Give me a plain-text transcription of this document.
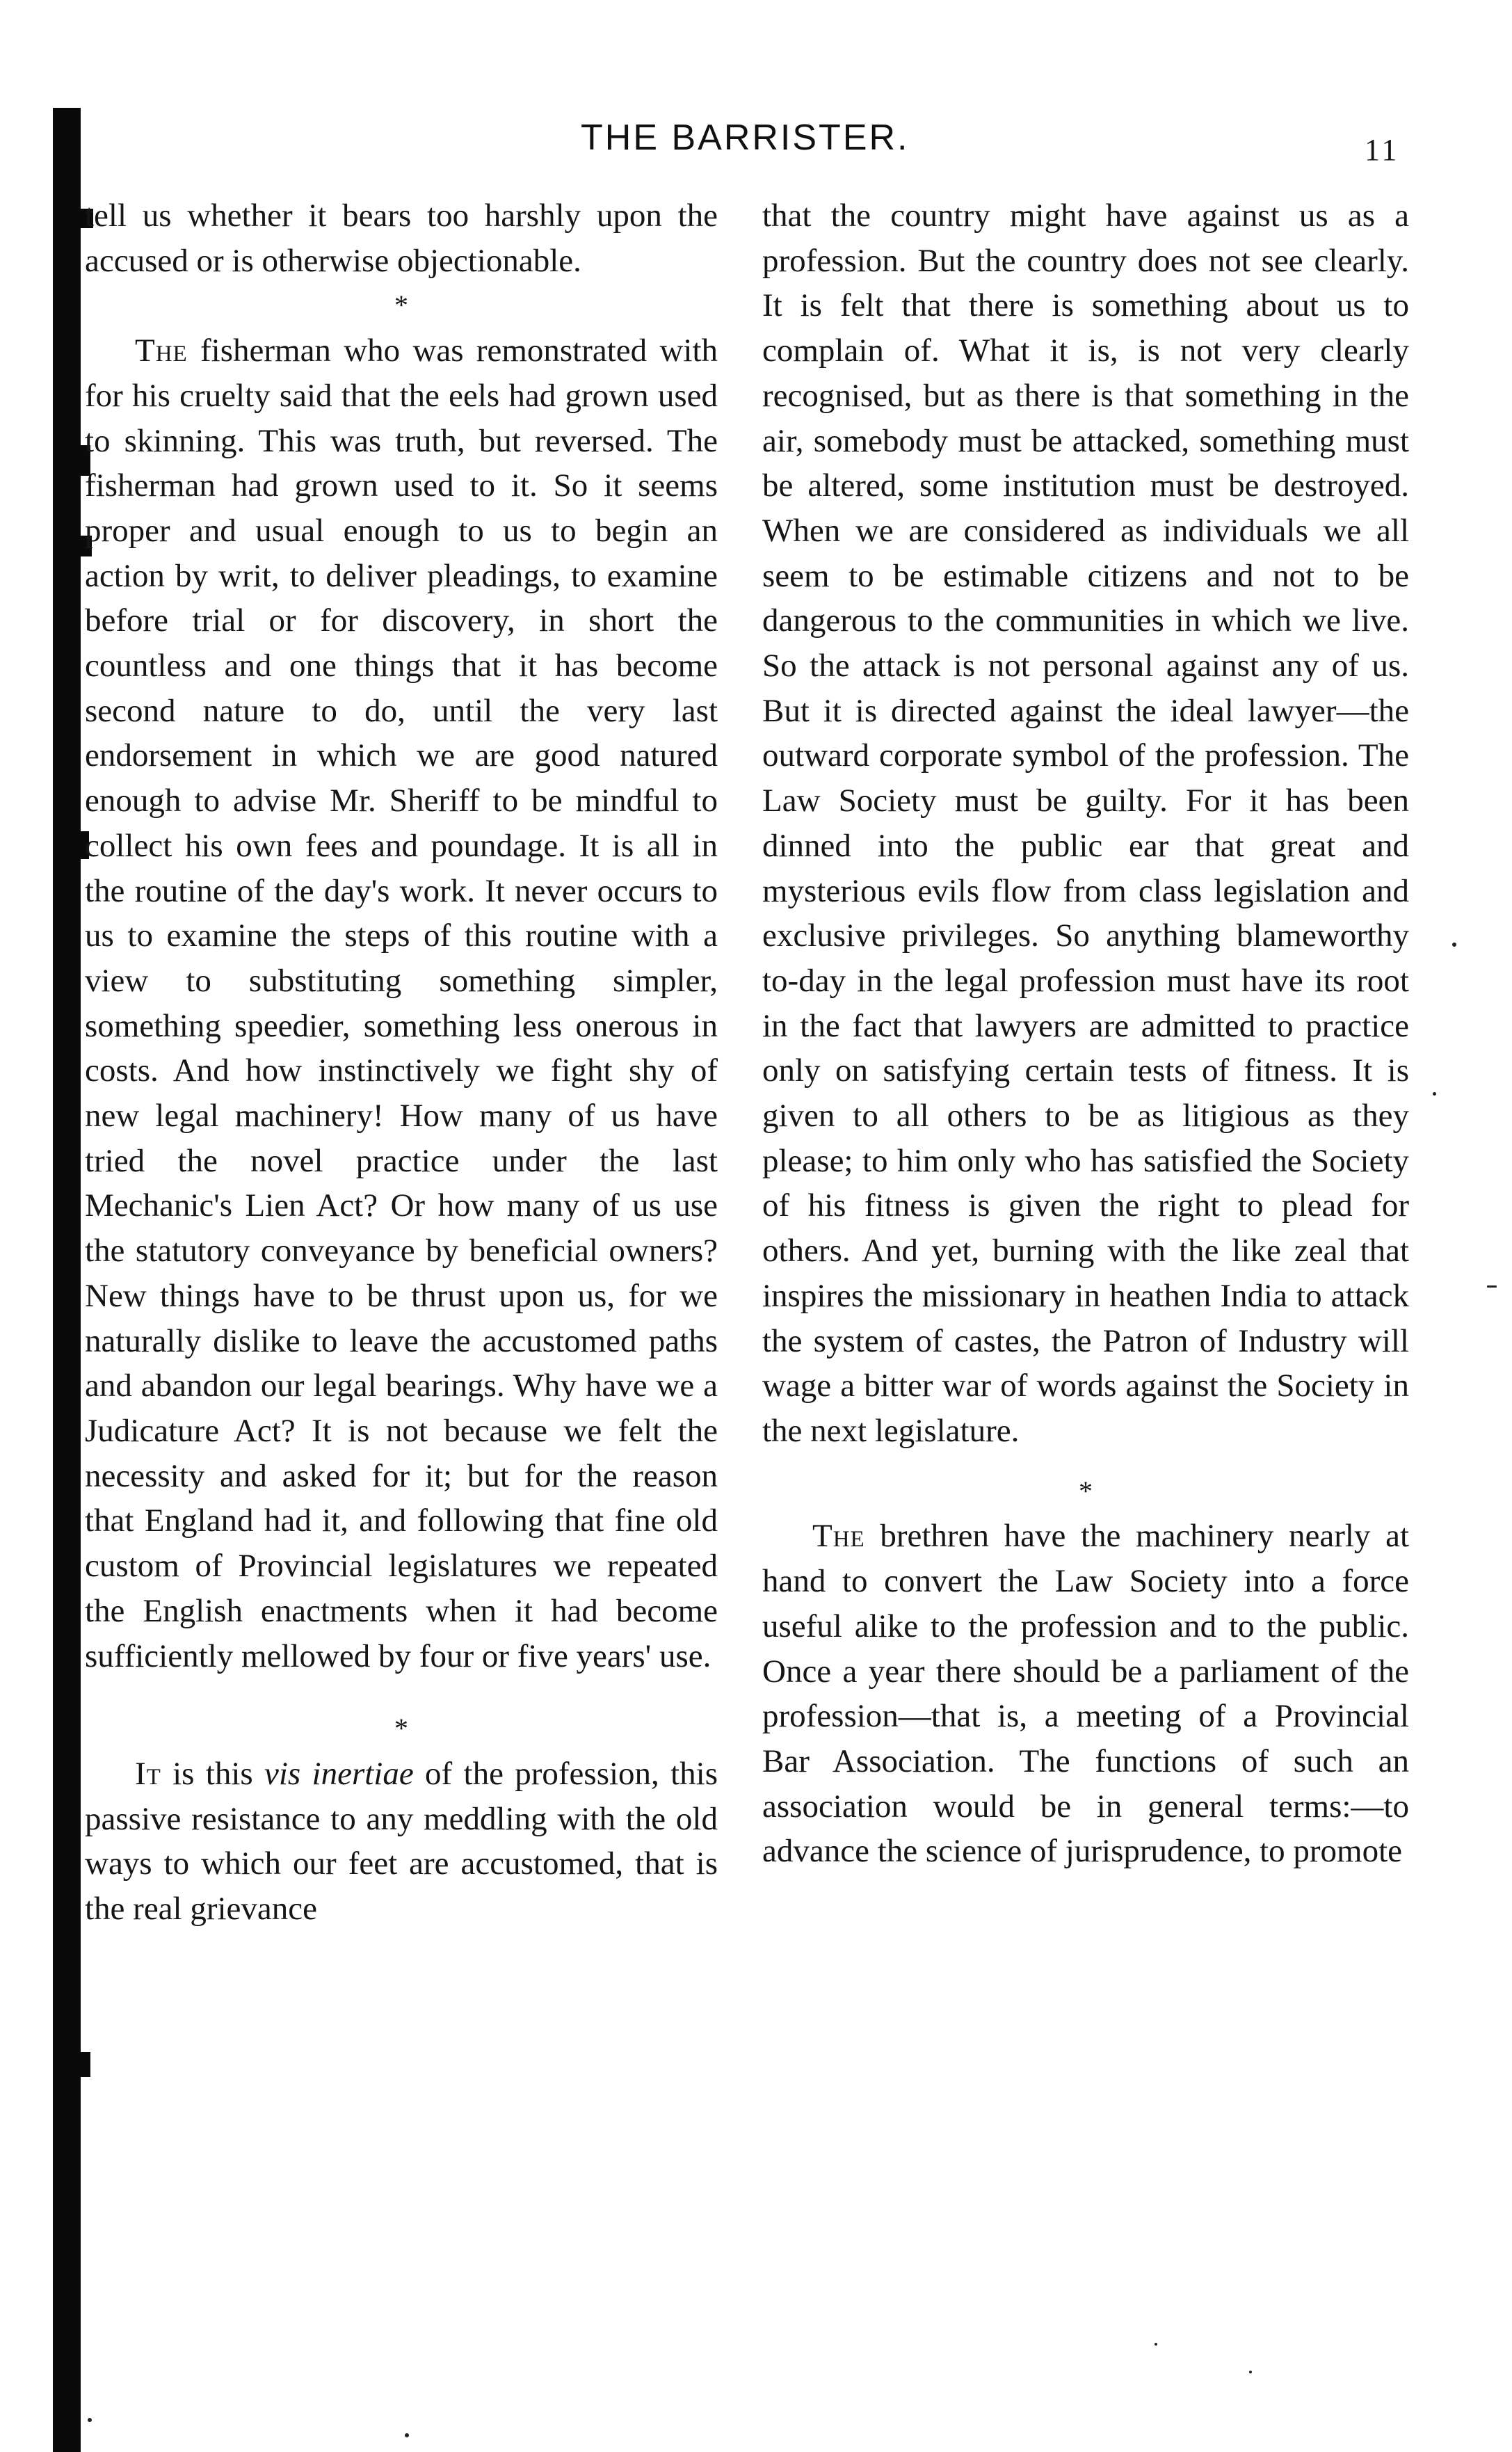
THE BARRISTER.	11

tell us whether it bears too harshly upon the accused or is otherwise objectionable.

*

The fisherman who was remonstrated with for his cruelty said that the eels had grown used to skinning. This was truth, but reversed. The fisherman had grown used to it. So it seems proper and usual enough to us to begin an action by writ, to deliver pleadings, to examine before trial or for discovery, in short the countless and one things that it has become second nature to do, until the very last endorsement in which we are good natured enough to advise Mr. Sheriff to be mindful to collect his own fees and poundage. It is all in the routine of the day's work. It never occurs to us to examine the steps of this routine with a view to substituting something simpler, something speedier, something less onerous in costs. And how instinctively we fight shy of new legal machinery! How many of us have tried the novel practice under the last Mechanic's Lien Act? Or how many of us use the statutory conveyance by beneficial owners? New things have to be thrust upon us, for we naturally dislike to leave the accustomed paths and abandon our legal bearings. Why have we a Judicature Act? It is not because we felt the necessity and asked for it; but for the reason that England had it, and following that fine old custom of Provincial legislatures we repeated the English enactments when it had become sufficiently mellowed by four or five years' use.

*

It is this vis inertiae of the profession, this passive resistance to any meddling with the old ways to which our feet are accustomed, that is the real grievance

that the country might have against us as a profession. But the country does not see clearly. It is felt that there is something about us to complain of. What it is, is not very clearly recognised, but as there is that something in the air, somebody must be attacked, something must be altered, some institution must be destroyed. When we are considered as individuals we all seem to be estimable citizens and not to be dangerous to the communities in which we live. So the attack is not personal against any of us. But it is directed against the ideal lawyer—the outward corporate symbol of the profession. The Law Society must be guilty. For it has been dinned into the public ear that great and mysterious evils flow from class legislation and exclusive privileges. So anything blameworthy to-day in the legal profession must have its root in the fact that lawyers are admitted to practice only on satisfying certain tests of fitness. It is given to all others to be as litigious as they please; to him only who has satisfied the Society of his fitness is given the right to plead for others. And yet, burning with the like zeal that inspires the missionary in heathen India to attack the system of castes, the Patron of Industry will wage a bitter war of words against the Society in the next legislature.

*

The brethren have the machinery nearly at hand to convert the Law Society into a force useful alike to the profession and to the public. Once a year there should be a parliament of the profession—that is, a meeting of a Provincial Bar Association. The functions of such an association would be in general terms:—to advance the science of jurisprudence, to promote
